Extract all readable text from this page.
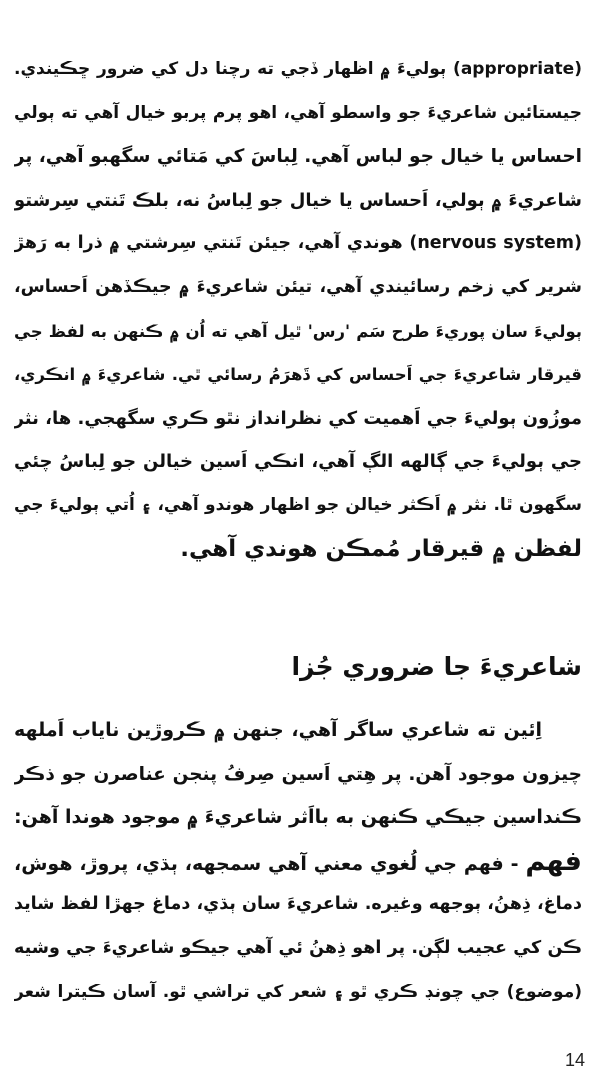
(appropriate) ٻوليءَ ۾ اظهار ڏجي ته رچنا دل کي ضرور ڇڪيندي.
جيستائين شاعريءَ جو واسطو آهي، اهو پرم پربو خيال آهي ته ٻولي
احساس يا خيال جو لباس آهي. لِباسَ کي مَتائي سگهبو آهي، پر
شاعريءَ ۾ ٻولي، اَحساس يا خيال جو لِباسُ نه، بلڪ تَنتي سِرشتو
(nervous system) هوندي آهي، جيئن تَنتي سِرشتي ۾ ذرا به رَهڙ
شرير کي زخم رسائيندي آهي، تيئن شاعريءَ ۾ جيڪڏهن اَحساس،
ٻوليءَ سان پوريءَ طرح سَم 'رس' ٿيل آهي ته اُن ۾ ڪنهن به لفظ جي
قيرقار شاعريءَ جي اَحساس کي ڌَهرَمُ رسائي ٿي. شاعريءَ ۾ انڪري،
موزُون ٻوليءَ جي اَهميت کي نظرانداز نٿو ڪري سگهجي. ها، نثر
جي ٻوليءَ جي ڳالهه الڳ آهي، انڪي اَسين خيالن جو لِباسُ چئي
سگهون ٿا. نثر ۾ اَڪثر خيالن جو اظهار هوندو آهي، ۽ اُتي ٻوليءَ جي
لفظن ۾ قيرقار مُمڪن هوندي آهي.
شاعريءَ جا ضروري جُزا
اِئين ته شاعري ساگر آهي، جنهن ۾ ڪروڙين ناياب اَملهه
چيزون موجود آهن. پر هِتي اَسين صِرفُ پنجن عناصرن جو ذڪر
ڪنداسين جيڪي ڪنهن به بااَثر شاعريءَ ۾ موجود هوندا آهن:
فهم - فهم جي لُغوي معني آهي سمجهه، ٻڌي، پروڙ، هوش،
دماغ، ذِهنُ، ٻوجهه وغيره. شاعريءَ سان ٻڌي، دماغ جهڙا لفظ شايد
ڪن کي عجيب لڳن. پر اهو ذِهنُ ئي آهي جيڪو شاعريءَ جي وشيه
(موضوع) جي چونڊ ڪري ٿو ۽ شعر کي تراشي ٿو. آسان ڪيترا شعر
14
